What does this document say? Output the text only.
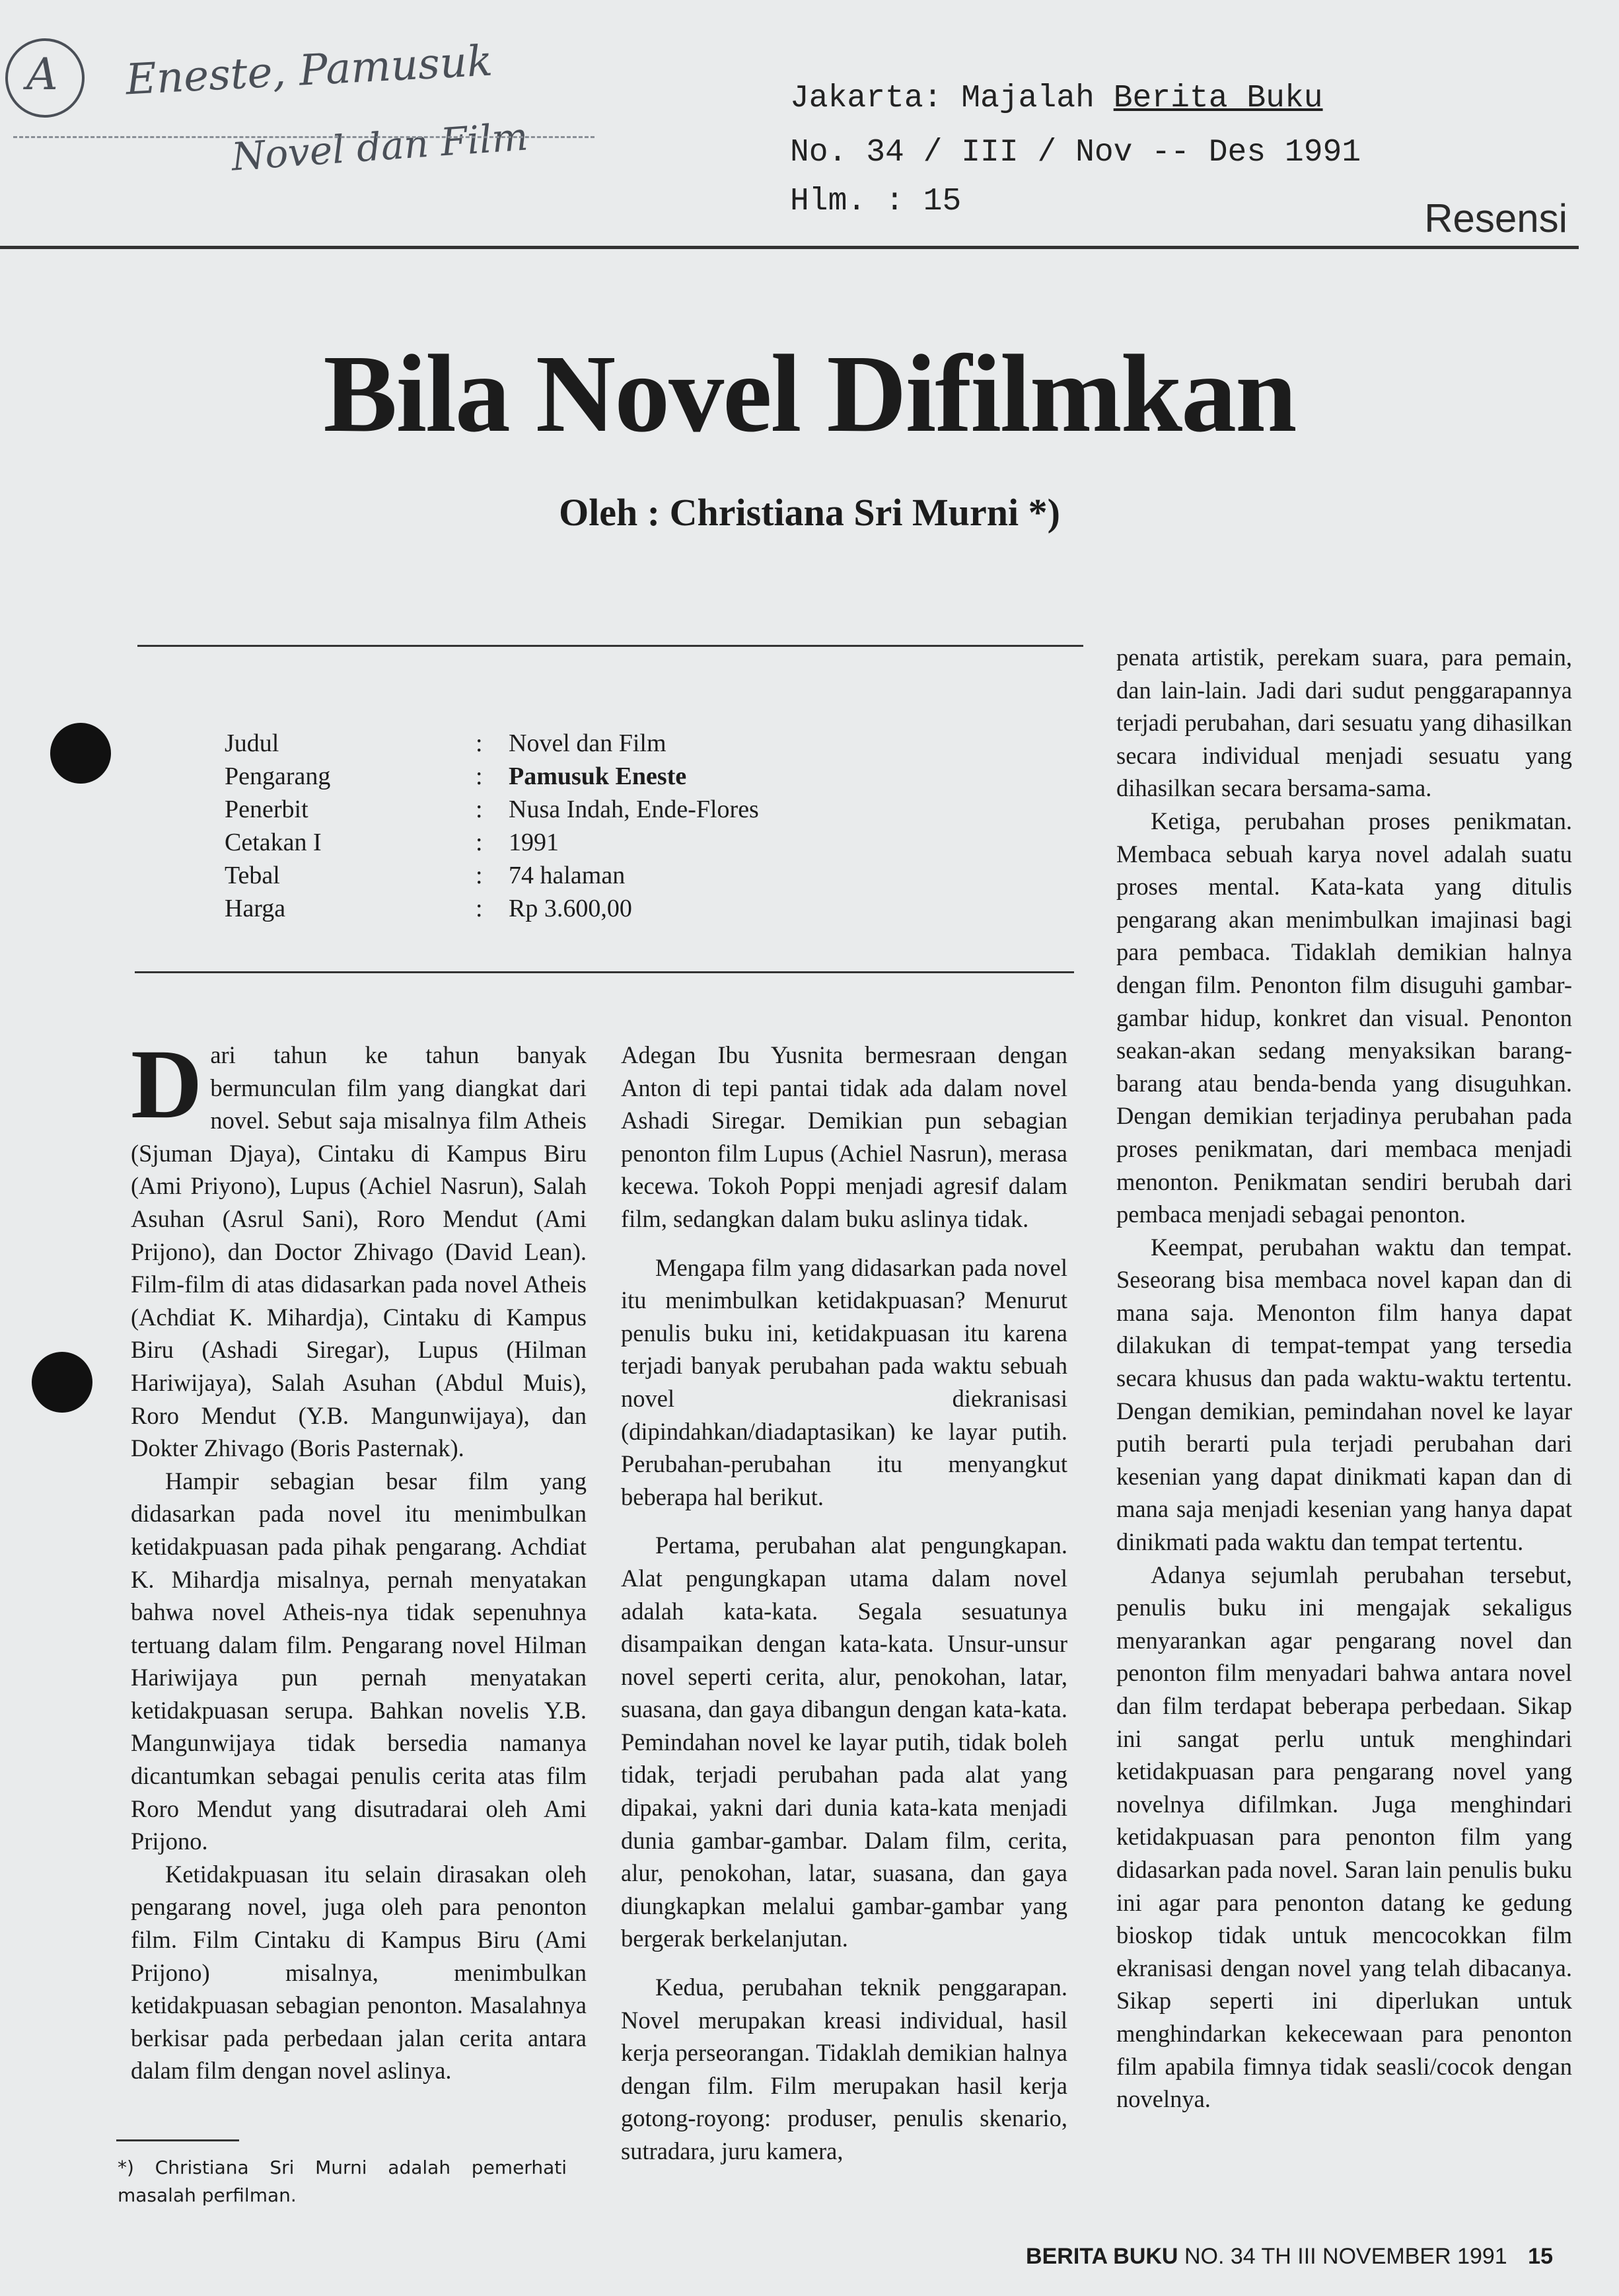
A Eneste, Pamusuk
Novel dan Film
Jakarta: Majalah Berita Buku
No. 34 / III / Nov -- Des 1991
Hlm. : 15	Resensi
Bila Novel Difilmkan
Oleh : Christiana Sri Murni *)
Judul	: Novel dan Film
Pengarang	: Pamusuk Eneste
Penerbit	: Nusa Indah, Ende-Flores
Cetakan I	: 1991
Tebal	: 74 halaman
Harga	: Rp 3.600,00

Dari tahun ke tahun banyak bermunculan film yang diangkat dari novel. Sebut saja misalnya film Atheis (Sjuman Djaya), Cintaku di Kampus Biru (Ami Priyono), Lupus (Achiel Nasrun), Salah Asuhan (Asrul Sani), Roro Mendut (Ami Prijono), dan Doctor Zhivago (David Lean). Film-film di atas didasarkan pada novel Atheis (Achdiat K. Mihardja), Cintaku di Kampus Biru (Ashadi Siregar), Lupus (Hilman Hariwijaya), Salah Asuhan (Abdul Muis), Roro Mendut (Y.B. Mangunwijaya), dan Dokter Zhivago (Boris Pasternak).

Hampir sebagian besar film yang didasarkan pada novel itu menimbulkan ketidakpuasan pada pihak pengarang. Achdiat K. Mihardja misalnya, pernah menyatakan bahwa novel Atheis-nya tidak sepenuhnya tertuang dalam film. Pengarang novel Hilman Hariwijaya pun pernah menyatakan ketidakpuasan serupa. Bahkan novelis Y.B. Mangunwijaya tidak bersedia namanya dicantumkan sebagai penulis cerita atas film Roro Mendut yang disutradarai oleh Ami Prijono.

Ketidakpuasan itu selain dirasakan oleh pengarang novel, juga oleh para penonton film. Film Cintaku di Kampus Biru (Ami Prijono) misalnya, menimbulkan ketidakpuasan sebagian penonton. Masalahnya berkisar pada perbedaan jalan cerita antara dalam film dengan novel aslinya.

*) Christiana Sri Murni adalah pemerhati masalah perfilman.

Adegan Ibu Yusnita bermesraan dengan Anton di tepi pantai tidak ada dalam novel Ashadi Siregar. Demikian pun sebagian penonton film Lupus (Achiel Nasrun), merasa kecewa. Tokoh Poppi menjadi agresif dalam film, sedangkan dalam buku aslinya tidak.

Mengapa film yang didasarkan pada novel itu menimbulkan ketidakpuasan? Menurut penulis buku ini, ketidakpuasan itu karena terjadi banyak perubahan pada waktu sebuah novel diekranisasi (dipindahkan/diadaptasikan) ke layar putih. Perubahan-perubahan itu menyangkut beberapa hal berikut.

Pertama, perubahan alat pengungkapan. Alat pengungkapan utama dalam novel adalah kata-kata. Segala sesuatunya disampaikan dengan kata-kata. Unsur-unsur novel seperti cerita, alur, penokohan, latar, suasana, dan gaya dibangun dengan kata-kata. Pemindahan novel ke layar putih, tidak boleh tidak, terjadi perubahan pada alat yang dipakai, yakni dari dunia kata-kata menjadi dunia gambar-gambar. Dalam film, cerita, alur, penokohan, latar, suasana, dan gaya diungkapkan melalui gambar-gambar yang bergerak berkelanjutan.

Kedua, perubahan teknik penggarapan. Novel merupakan kreasi individual, hasil kerja perseorangan. Tidaklah demikian halnya dengan film. Film merupakan hasil kerja gotong-royong: produser, penulis skenario, sutradara, juru kamera,

penata artistik, perekam suara, para pemain, dan lain-lain. Jadi dari sudut penggarapannya terjadi perubahan, dari sesuatu yang dihasilkan secara individual menjadi sesuatu yang dihasilkan secara bersama-sama.

Ketiga, perubahan proses penikmatan. Membaca sebuah karya novel adalah suatu proses mental. Kata-kata yang ditulis pengarang akan menimbulkan imajinasi bagi para pembaca. Tidaklah demikian halnya dengan film. Penonton film disuguhi gambar-gambar hidup, konkret dan visual. Penonton seakan-akan sedang menyaksikan barang-barang atau benda-benda yang disuguhkan. Dengan demikian terjadinya perubahan pada proses penikmatan, dari membaca menjadi menonton. Penikmatan sendiri berubah dari pembaca menjadi sebagai penonton.

Keempat, perubahan waktu dan tempat. Seseorang bisa membaca novel kapan dan di mana saja. Menonton film hanya dapat dilakukan di tempat-tempat yang tersedia secara khusus dan pada waktu-waktu tertentu. Dengan demikian, pemindahan novel ke layar putih berarti pula terjadi perubahan dari kesenian yang dapat dinikmati kapan dan di mana saja menjadi kesenian yang hanya dapat dinikmati pada waktu dan tempat tertentu.

Adanya sejumlah perubahan tersebut, penulis buku ini mengajak sekaligus menyarankan agar pengarang novel dan penonton film menyadari bahwa antara novel dan film terdapat beberapa perbedaan. Sikap ini sangat perlu untuk menghindari ketidakpuasan para pengarang novel yang novelnya difilmkan. Juga menghindari ketidakpuasan para penonton film yang didasarkan pada novel. Saran lain penulis buku ini agar para penonton datang ke gedung bioskop tidak untuk mencocokkan film ekranisasi dengan novel yang telah dibacanya. Sikap seperti ini diperlukan untuk menghindarkan kekecewaan para penonton film apabila fimnya tidak seasli/cocok dengan novelnya.

BERITA BUKU NO. 34 TH III NOVEMBER 1991 15
